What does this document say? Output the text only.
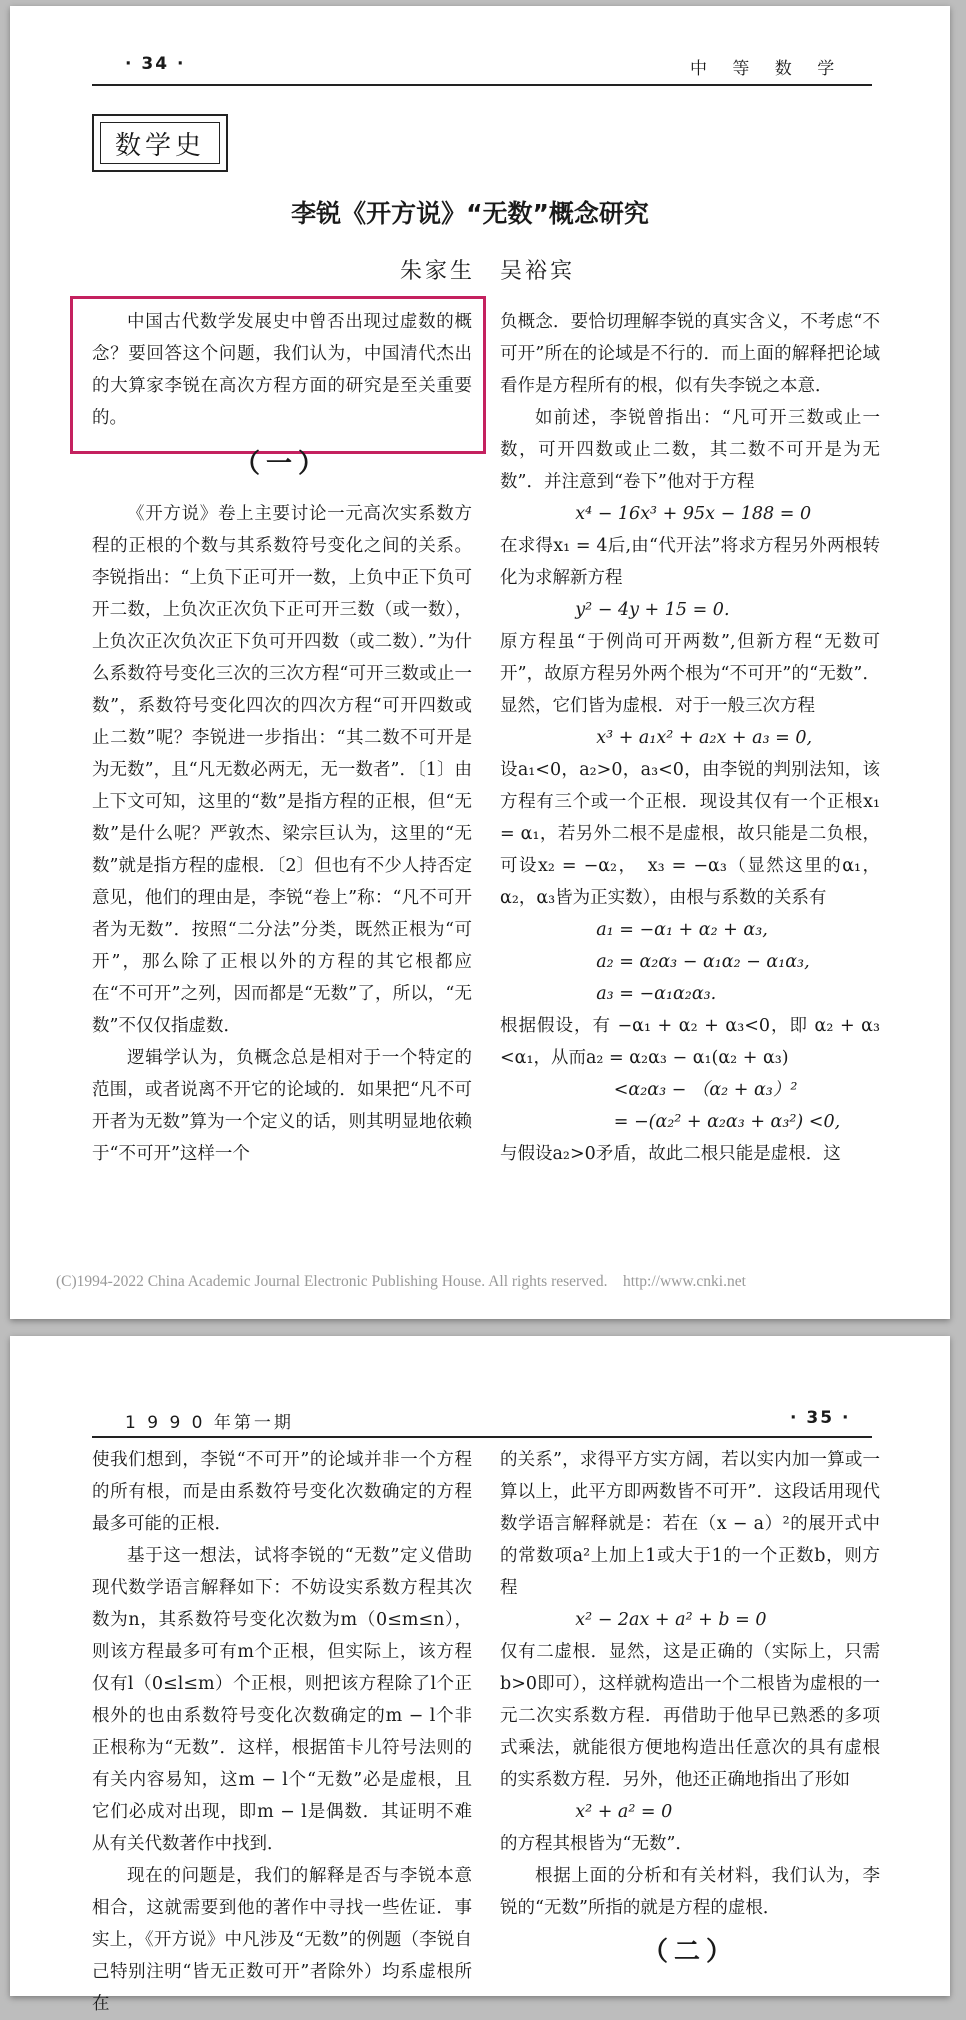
· 34 ·	中 等 数 学
数学史
李锐《开方说》“无数”概念研究
朱家生　吴裕宾

中国古代数学发展史中曾否出现过虚数的概念？要回答这个问题，我们认为，中国清代杰出的大算家李锐在高次方程方面的研究是至关重要的。

（一）

《开方说》卷上主要讨论一元高次实系数方程的正根的个数与其系数符号变化之间的关系。李锐指出：“上负下正可开一数，上负中正下负可开二数，上负次正次负下正可开三数（或一数），上负次正次负次正下负可开四数（或二数）．”为什么系数符号变化三次的三次方程“可开三数或止一数”，系数符号变化四次的四次方程“可开四数或止二数”呢？李锐进一步指出：“其二数不可开是为无数”，且“凡无数必两无，无一数者”．〔1〕由上下文可知，这里的“数”是指方程的正根，但“无数”是什么呢？严敦杰、梁宗巨认为，这里的“无数”就是指方程的虚根．〔2〕但也有不少人持否定意见，他们的理由是，李锐“卷上”称：“凡不可开者为无数”．按照“二分法”分类，既然正根为“可开”，那么除了正根以外的方程的其它根都应在“不可开”之列，因而都是“无数”了，所以，“无数”不仅仅指虚数．

逻辑学认为，负概念总是相对于一个特定的范围，或者说离不开它的论域的．如果把“凡不可开者为无数”算为一个定义的话，则其明显地依赖于“不可开”这样一个

负概念．要恰切理解李锐的真实含义，不考虑“不可开”所在的论域是不行的．而上面的解释把论域看作是方程所有的根，似有失李锐之本意．

如前述，李锐曾指出：“凡可开三数或止一数，可开四数或止二数，其二数不可开是为无数”．并注意到“卷下”他对于方程

x⁴ − 16x³ + 95x − 188 = 0

在求得x₁ = 4后,由“代开法”将求方程另外两根转化为求解新方程

y² − 4y + 15 = 0.

原方程虽“于例尚可开两数”,但新方程“无数可开”，故原方程另外两个根为“不可开”的“无数”．显然，它们皆为虚根．对于一般三次方程

x³ + a₁x² + a₂x + a₃ = 0,

设a₁<0，a₂>0，a₃<0，由李锐的判别法知，该方程有三个或一个正根．现设其仅有一个正根x₁ = α₁，若另外二根不是虚根，故只能是二负根，可设x₂ = −α₂，　x₃ = −α₃（显然这里的α₁，α₂，α₃皆为正实数），由根与系数的关系有

a₁ = −α₁ + α₂ + α₃,

a₂ = α₂α₃ − α₁α₂ − α₁α₃,

a₃ = −α₁α₂α₃.

根据假设，有 −α₁ + α₂ + α₃<0，即 α₂ + α₃ <α₁，从而a₂ = α₂α₃ − α₁(α₂ + α₃)

<α₂α₃ − （α₂ + α₃）²

= −(α₂² + α₂α₃ + α₃²) <0,

与假设a₂>0矛盾，故此二根只能是虚根．这

(C)1994-2022 China Academic Journal Electronic Publishing House. All rights reserved.　http://www.cnki.net
1 9 9 0 年第一期	· 35 ·

使我们想到，李锐“不可开”的论域并非一个方程的所有根，而是由系数符号变化次数确定的方程最多可能的正根．

基于这一想法，试将李锐的“无数”定义借助现代数学语言解释如下：不妨设实系数方程其次数为n，其系数符号变化次数为m（0≤m≤n），则该方程最多可有m个正根，但实际上，该方程仅有l（0≤l≤m）个正根，则把该方程除了l个正根外的也由系数符号变化次数确定的m − l个非正根称为“无数”．这样，根据笛卡儿符号法则的有关内容易知，这m − l个“无数”必是虚根，且它们必成对出现，即m − l是偶数．其证明不难从有关代数著作中找到．

现在的问题是，我们的解释是否与李锐本意相合，这就需要到他的著作中寻找一些佐证．事实上，《开方说》中凡涉及“无数”的例题（李锐自己特别注明“皆无正数可开”者除外）均系虚根所在

的关系”，求得平方实方阔，若以实内加一算或一算以上，此平方即两数皆不可开”．这段话用现代数学语言解释就是：若在（x − a）²的展开式中的常数项a²上加上1或大于1的一个正数b，则方程

x² − 2ax + a² + b = 0

仅有二虚根．显然，这是正确的（实际上，只需b>0即可），这样就构造出一个二根皆为虚根的一元二次实系数方程．再借助于他早已熟悉的多项式乘法，就能很方便地构造出任意次的具有虚根的实系数方程．另外，他还正确地指出了形如

x² + a² = 0

的方程其根皆为“无数”．

根据上面的分析和有关材料，我们认为，李锐的“无数”所指的就是方程的虚根．

（二）
